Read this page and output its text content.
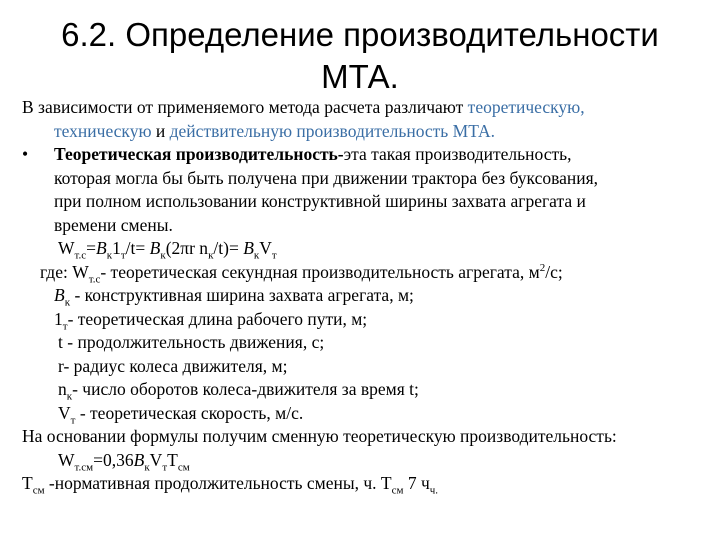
6.2. Определение производительности
МТА.
В зависимости от применяемого метода расчета различают теоретическую,
техническую и действительную производительность МТА.
• Теоретическая производительность-эта такая производительность,
которая могла бы быть получена при движении трактора без буксования,
при полном использовании конструктивной ширины захвата агрегата и
времени смены.
$W_{т.с}=В_к1_т/t= В_к(2\pi r$ $n_к/t)= В_кV_т$
где: $W_{т.с}-$ теоретическая секундная производительность агрегата, $м^2/с$;
$В_к$ - конструктивная ширина захвата агрегата, м;
$1_т-$ теоретическая длина рабочего пути, м;
t - продолжительность движения, с;
r- радиус колеса движителя, м;
$n_к-$ число оборотов колеса-движителя за время t;
$V_т$ - теоретическая скорость, м/с.
На основании формулы получим сменную теоретическую производительность:
$W_{т.см}=0,36В_кV_тT_{см}$
$Т_{см}$ -нормативная продолжительность смены, ч. $Т_{см}$ 7 $ч_{ч.}$
